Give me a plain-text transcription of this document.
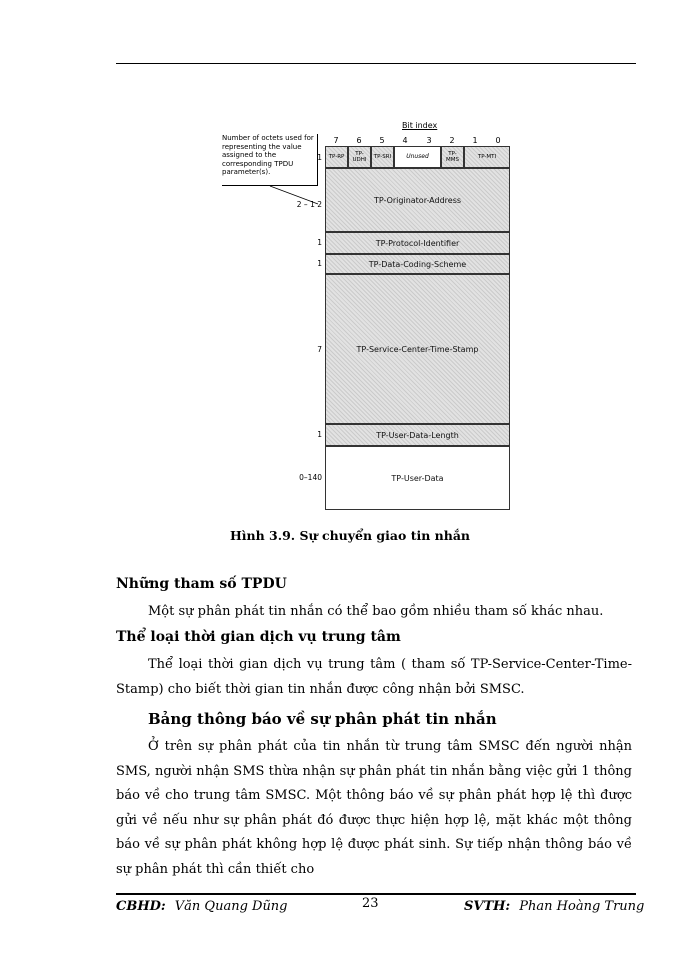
Bit index
7	6	5	4	3	2	1	0
Number of octets used for representing the value assigned to the corresponding TPDU parameter(s).
1	TP-RP	TP-UDHI	TP-SRI	Unused	TP-MMS	TP-MTI
2 – 1 2	TP-Originator-Address
1	TP-Protocol-Identifier
1	TP-Data-Coding-Scheme
7	TP-Service-Center-Time-Stamp
1	TP-User-Data-Length
0–140	TP-User-Data
Hình 3.9. Sự chuyển giao tin nhắn
Những tham số TPDU
Một sự phân phát tin nhắn có thể bao gồm nhiều tham số khác nhau.
Thể loại thời gian dịch vụ trung tâm
Thể loại thời gian dịch vụ trung tâm ( tham số TP-Service-Center-Time-Stamp) cho biết thời gian tin nhắn được công nhận bởi SMSC.
Bảng thông báo về sự phân phát tin nhắn
Ở trên sự phân phát của tin nhắn từ trung tâm SMSC đến người nhận SMS, người nhận SMS thừa nhận sự phân phát tin nhắn bằng việc gửi 1 thông báo về cho trung tâm SMSC. Một thông báo về sự phân phát hợp lệ thì được gửi về nếu như sự phân phát đó được thực hiện hợp lệ, mặt khác một thông báo về sự phân phát không hợp lệ được phát sinh. Sự tiếp nhận thông báo về sự phân phát thì cần thiết cho
CBHD: Văn Quang Dũng	23	SVTH: Phan Hoàng Trung
